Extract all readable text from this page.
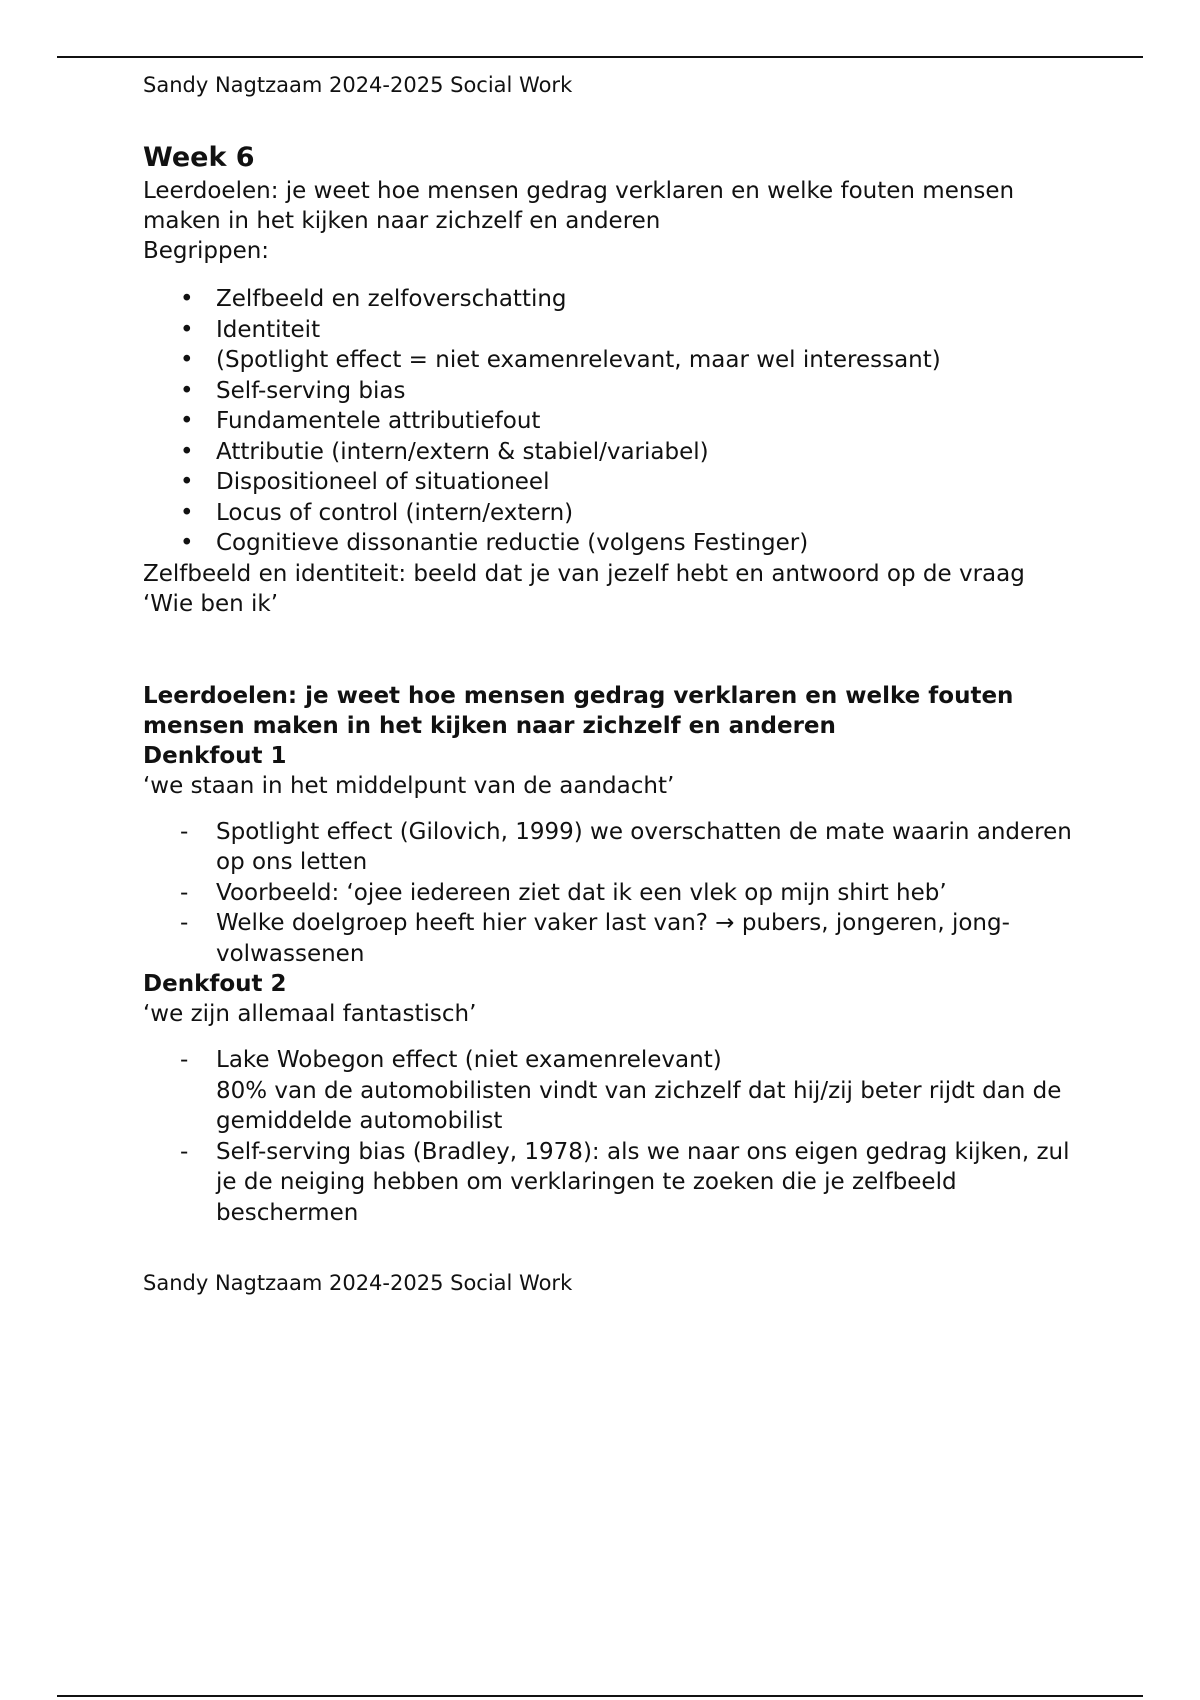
Sandy Nagtzaam 2024-2025 Social Work

Week 6

Leerdoelen: je weet hoe mensen gedrag verklaren en welke fouten mensen maken in het kijken naar zichzelf en anderen

Begrippen:

• Zelfbeeld en zelfoverschatting
• Identiteit
• (Spotlight effect = niet examenrelevant, maar wel interessant)
• Self-serving bias
• Fundamentele attributiefout
• Attributie (intern/extern & stabiel/variabel)
• Dispositioneel of situationeel
• Locus of control (intern/extern)
• Cognitieve dissonantie reductie (volgens Festinger)

Zelfbeeld en identiteit: beeld dat je van jezelf hebt en antwoord op de vraag ‘Wie ben ik’

Leerdoelen: je weet hoe mensen gedrag verklaren en welke fouten mensen maken in het kijken naar zichzelf en anderen

Denkfout 1

‘we staan in het middelpunt van de aandacht’

- Spotlight effect (Gilovich, 1999) we overschatten de mate waarin anderen op ons letten
- Voorbeeld: ‘ojee iedereen ziet dat ik een vlek op mijn shirt heb’
- Welke doelgroep heeft hier vaker last van? → pubers, jongeren, jong-volwassenen
Denkfout 2

‘we zijn allemaal fantastisch’

- Lake Wobegon effect (niet examenrelevant)
80% van de automobilisten vindt van zichzelf dat hij/zij beter rijdt dan de gemiddelde automobilist
- Self-serving bias (Bradley, 1978): als we naar ons eigen gedrag kijken, zul je de neiging hebben om verklaringen te zoeken die je zelfbeeld beschermen

Sandy Nagtzaam 2024-2025 Social Work
